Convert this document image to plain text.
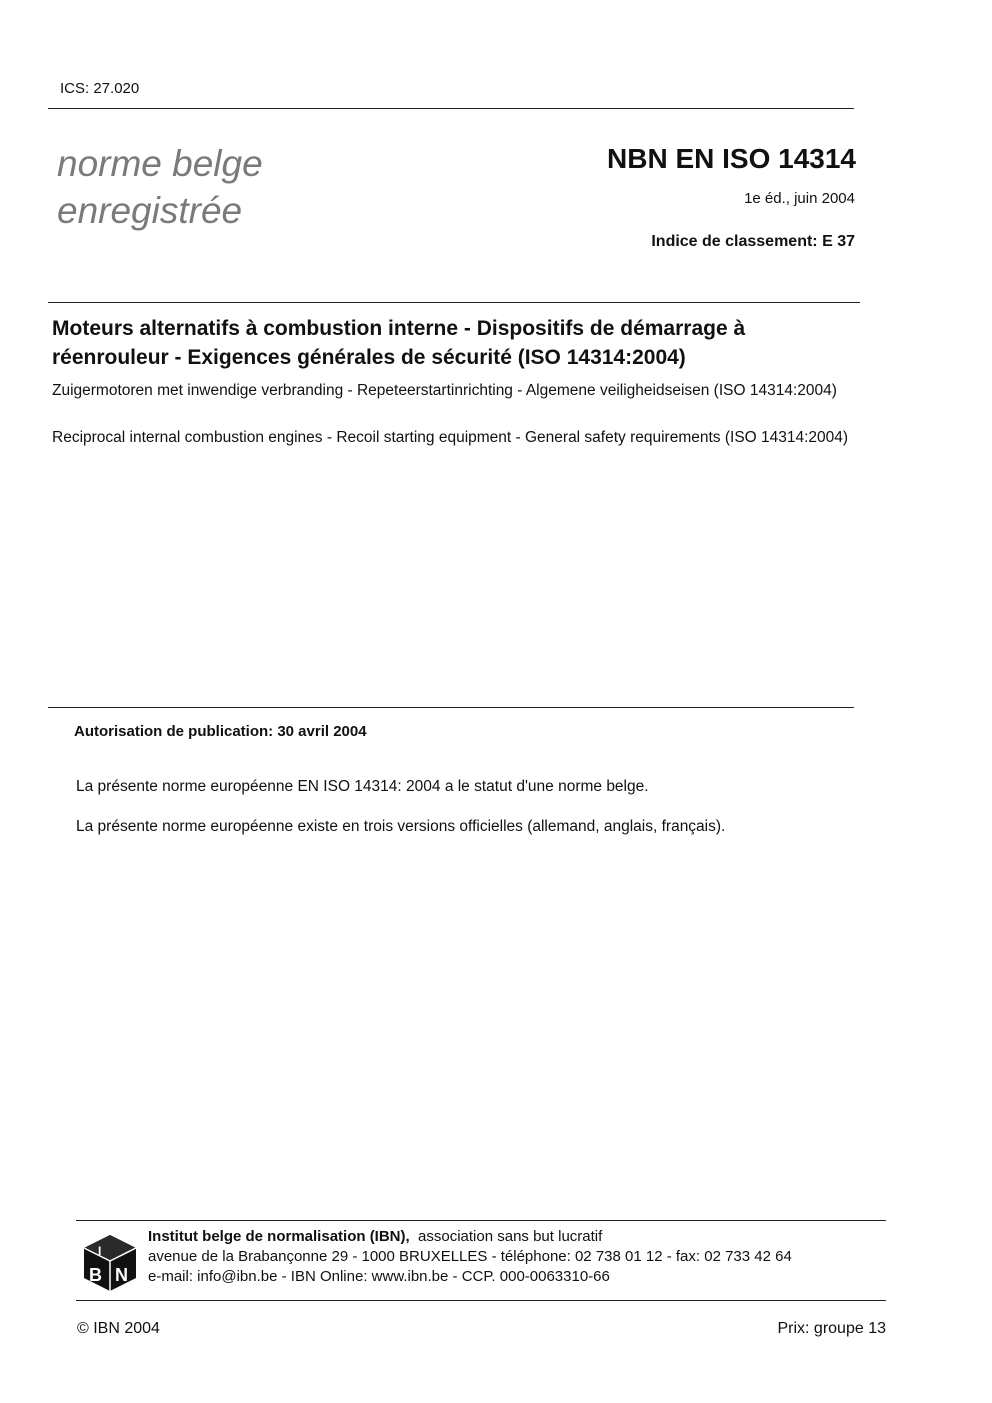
ICS: 27.020
norme belge
enregistrée
NBN EN ISO 14314
1e éd., juin 2004
Indice de classement: E 37
Moteurs alternatifs à combustion interne - Dispositifs de démarrage à réenrouleur - Exigences générales de sécurité (ISO 14314:2004)
Zuigermotoren met inwendige verbranding - Repeteerstartinrichting - Algemene veiligheidseisen (ISO 14314:2004)
Reciprocal internal combustion engines - Recoil starting equipment - General safety requirements (ISO 14314:2004)
Autorisation de publication: 30 avril 2004
La présente norme européenne EN ISO 14314: 2004 a le statut d'une norme belge.
La présente norme européenne existe en trois versions officielles (allemand, anglais, français).
I
B N
Institut belge de normalisation (IBN), association sans but lucratif
avenue de la Brabançonne 29 - 1000 BRUXELLES - téléphone: 02 738 01 12 - fax: 02 733 42 64
e-mail: info@ibn.be - IBN Online: www.ibn.be - CCP. 000-0063310-66
© IBN 2004	Prix: groupe 13
